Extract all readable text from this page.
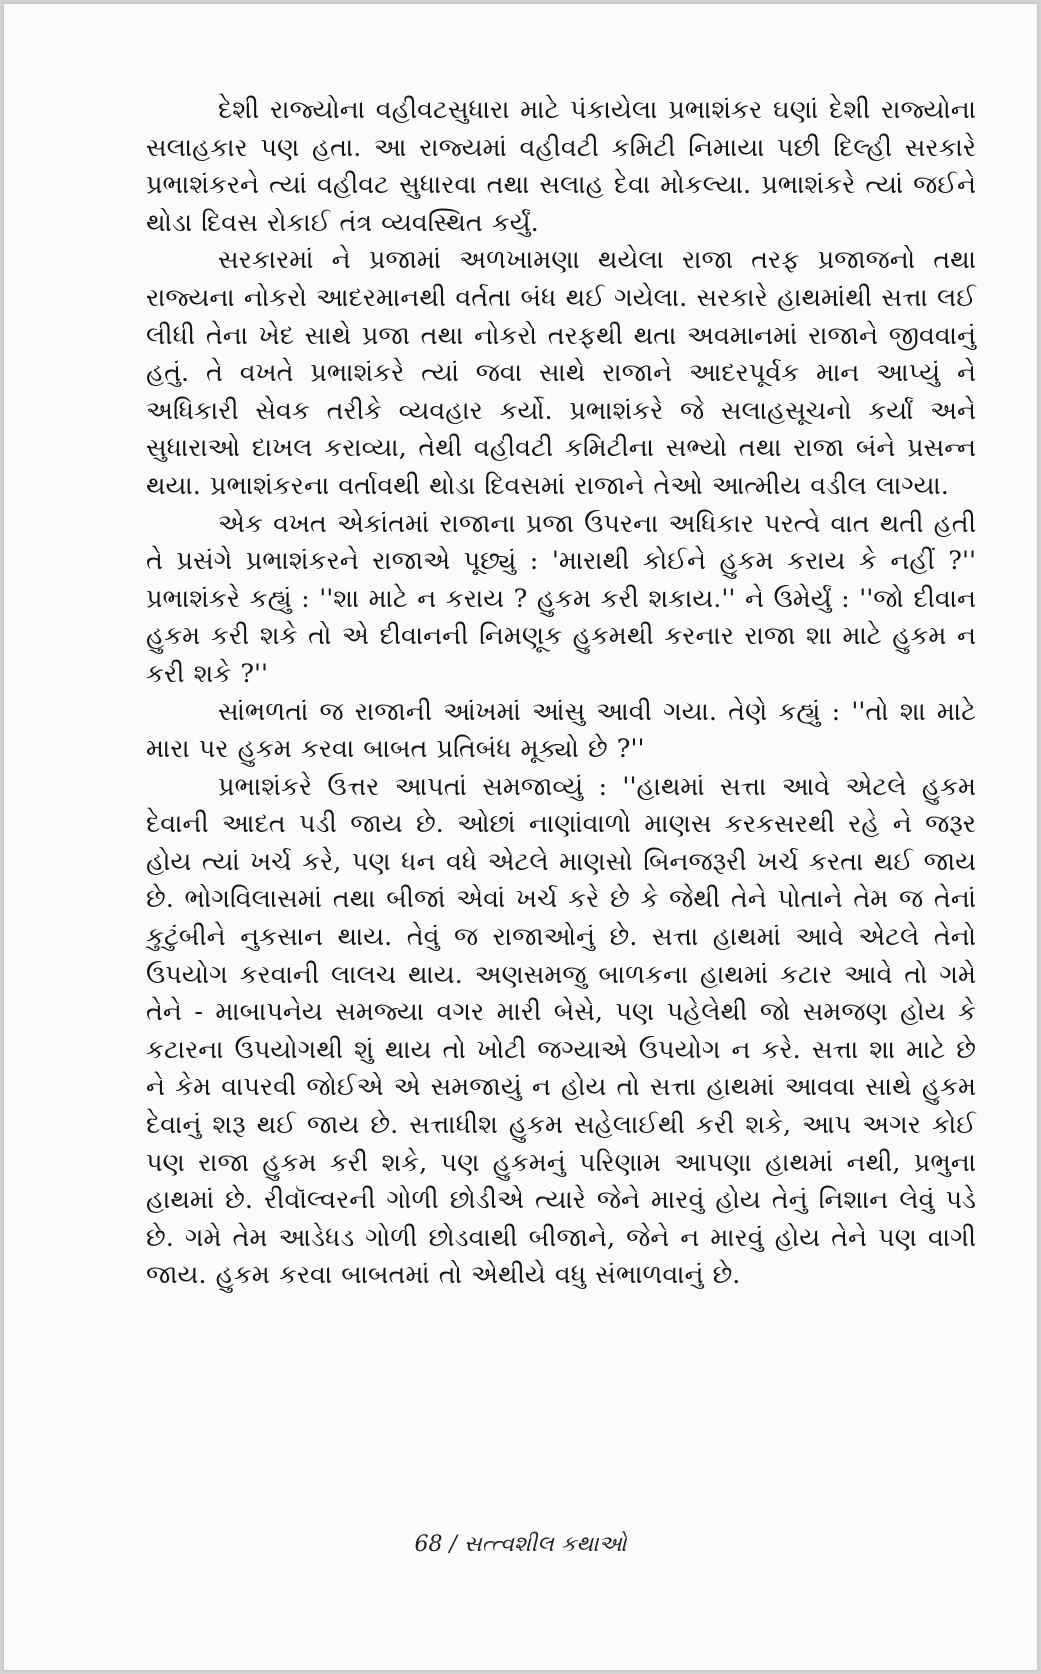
દેશી રાજ્યોના વહીવટસુધારા માટે પંકાયેલા પ્રભાશંકર ઘણાં દેશી રાજ્યોના સલાહકાર પણ હતા. આ રાજ્યમાં વહીવટી કમિટી નિમાયા પછી દિલ્હી સરકારે પ્રભાશંકરને ત્યાં વહીવટ સુધારવા તથા સલાહ દેવા મોકલ્યા. પ્રભાશંકરે ત્યાં જઈને થોડા દિવસ રોકાઈ તંત્ર વ્યવસ્થિત કર્યું.

સરકારમાં ને પ્રજામાં અળખામણા થયેલા રાજા તરફ પ્રજાજનો તથા રાજ્યના નોકરો આદરમાનથી વર્તતા બંધ થઈ ગયેલા. સરકારે હાથમાંથી સત્તા લઈ લીધી તેના ખેદ સાથે પ્રજા તથા નોકરો તરફથી થતા અવમાનમાં રાજાને જીવવાનું હતું. તે વખતે પ્રભાશંકરે ત્યાં જવા સાથે રાજાને આદરપૂર્વક માન આપ્યું ને અધિકારી સેવક તરીકે વ્યવહાર કર્યો. પ્રભાશંકરે જે સલાહસૂચનો કર્યાં અને સુધારાઓ દાખલ કરાવ્યા, તેથી વહીવટી કમિટીના સભ્યો તથા રાજા બંને પ્રસન્ન થયા. પ્રભાશંકરના વર્તાવથી થોડા દિવસમાં રાજાને તેઓ આત્મીય વડીલ લાગ્યા.

એક વખત એકાંતમાં રાજાના પ્રજા ઉપરના અધિકાર પરત્વે વાત થતી હતી તે પ્રસંગે પ્રભાશંકરને રાજાએ પૂછ્યું : 'મારાથી કોઈને હુકમ કરાય કે નહીં ?'' પ્રભાશંકરે કહ્યું : ''શા માટે ન કરાય ? હુકમ કરી શકાય.'' ને ઉમેર્યું : ''જો દીવાન હુકમ કરી શકે તો એ દીવાનની નિમણૂક હુકમથી કરનાર રાજા શા માટે હુકમ ન કરી શકે ?''

સાંભળતાં જ રાજાની આંખમાં આંસુ આવી ગયા. તેણે કહ્યું : ''તો શા માટે મારા પર હુકમ કરવા બાબત પ્રતિબંધ મૂક્યો છે ?''

પ્રભાશંકરે ઉત્તર આપતાં સમજાવ્યું : ''હાથમાં સત્તા આવે એટલે હુકમ દેવાની આદત પડી જાય છે. ઓછાં નાણાંવાળો માણસ કરકસરથી રહે ને જરૂર હોય ત્યાં ખર્ચ કરે, પણ ધન વધે એટલે માણસો બિનજરૂરી ખર્ચ કરતા થઈ જાય છે. ભોગવિલાસમાં તથા બીજાં એવાં ખર્ચ કરે છે કે જેથી તેને પોતાને તેમ જ તેનાં કુટુંબીને નુકસાન થાય. તેવું જ રાજાઓનું છે. સત્તા હાથમાં આવે એટલે તેનો ઉપયોગ કરવાની લાલચ થાય. અણસમજુ બાળકના હાથમાં કટાર આવે તો ગમે તેને - માબાપનેય સમજ્યા વગર મારી બેસે, પણ પહેલેથી જો સમજણ હોય કે કટારના ઉપયોગથી શું થાય તો ખોટી જગ્યાએ ઉપયોગ ન કરે. સત્તા શા માટે છે ને કેમ વાપરવી જોઈએ એ સમજાયું ન હોય તો સત્તા હાથમાં આવવા સાથે હુકમ દેવાનું શરૂ થઈ જાય છે. સત્તાધીશ હુકમ સહેલાઈથી કરી શકે, આપ અગર કોઈ પણ રાજા હુકમ કરી શકે, પણ હુકમનું પરિણામ આપણા હાથમાં નથી, પ્રભુના હાથમાં છે. રીવૉલ્વરની ગોળી છોડીએ ત્યારે જેને મારવું હોય તેનું નિશાન લેવું પડે છે. ગમે તેમ આડેધડ ગોળી છોડવાથી બીજાને, જેને ન મારવું હોય તેને પણ વાગી જાય. હુકમ કરવા બાબતમાં તો એથીયે વધુ સંભાળવાનું છે.

68 / સત્ત્વશીલ કથાઓ
